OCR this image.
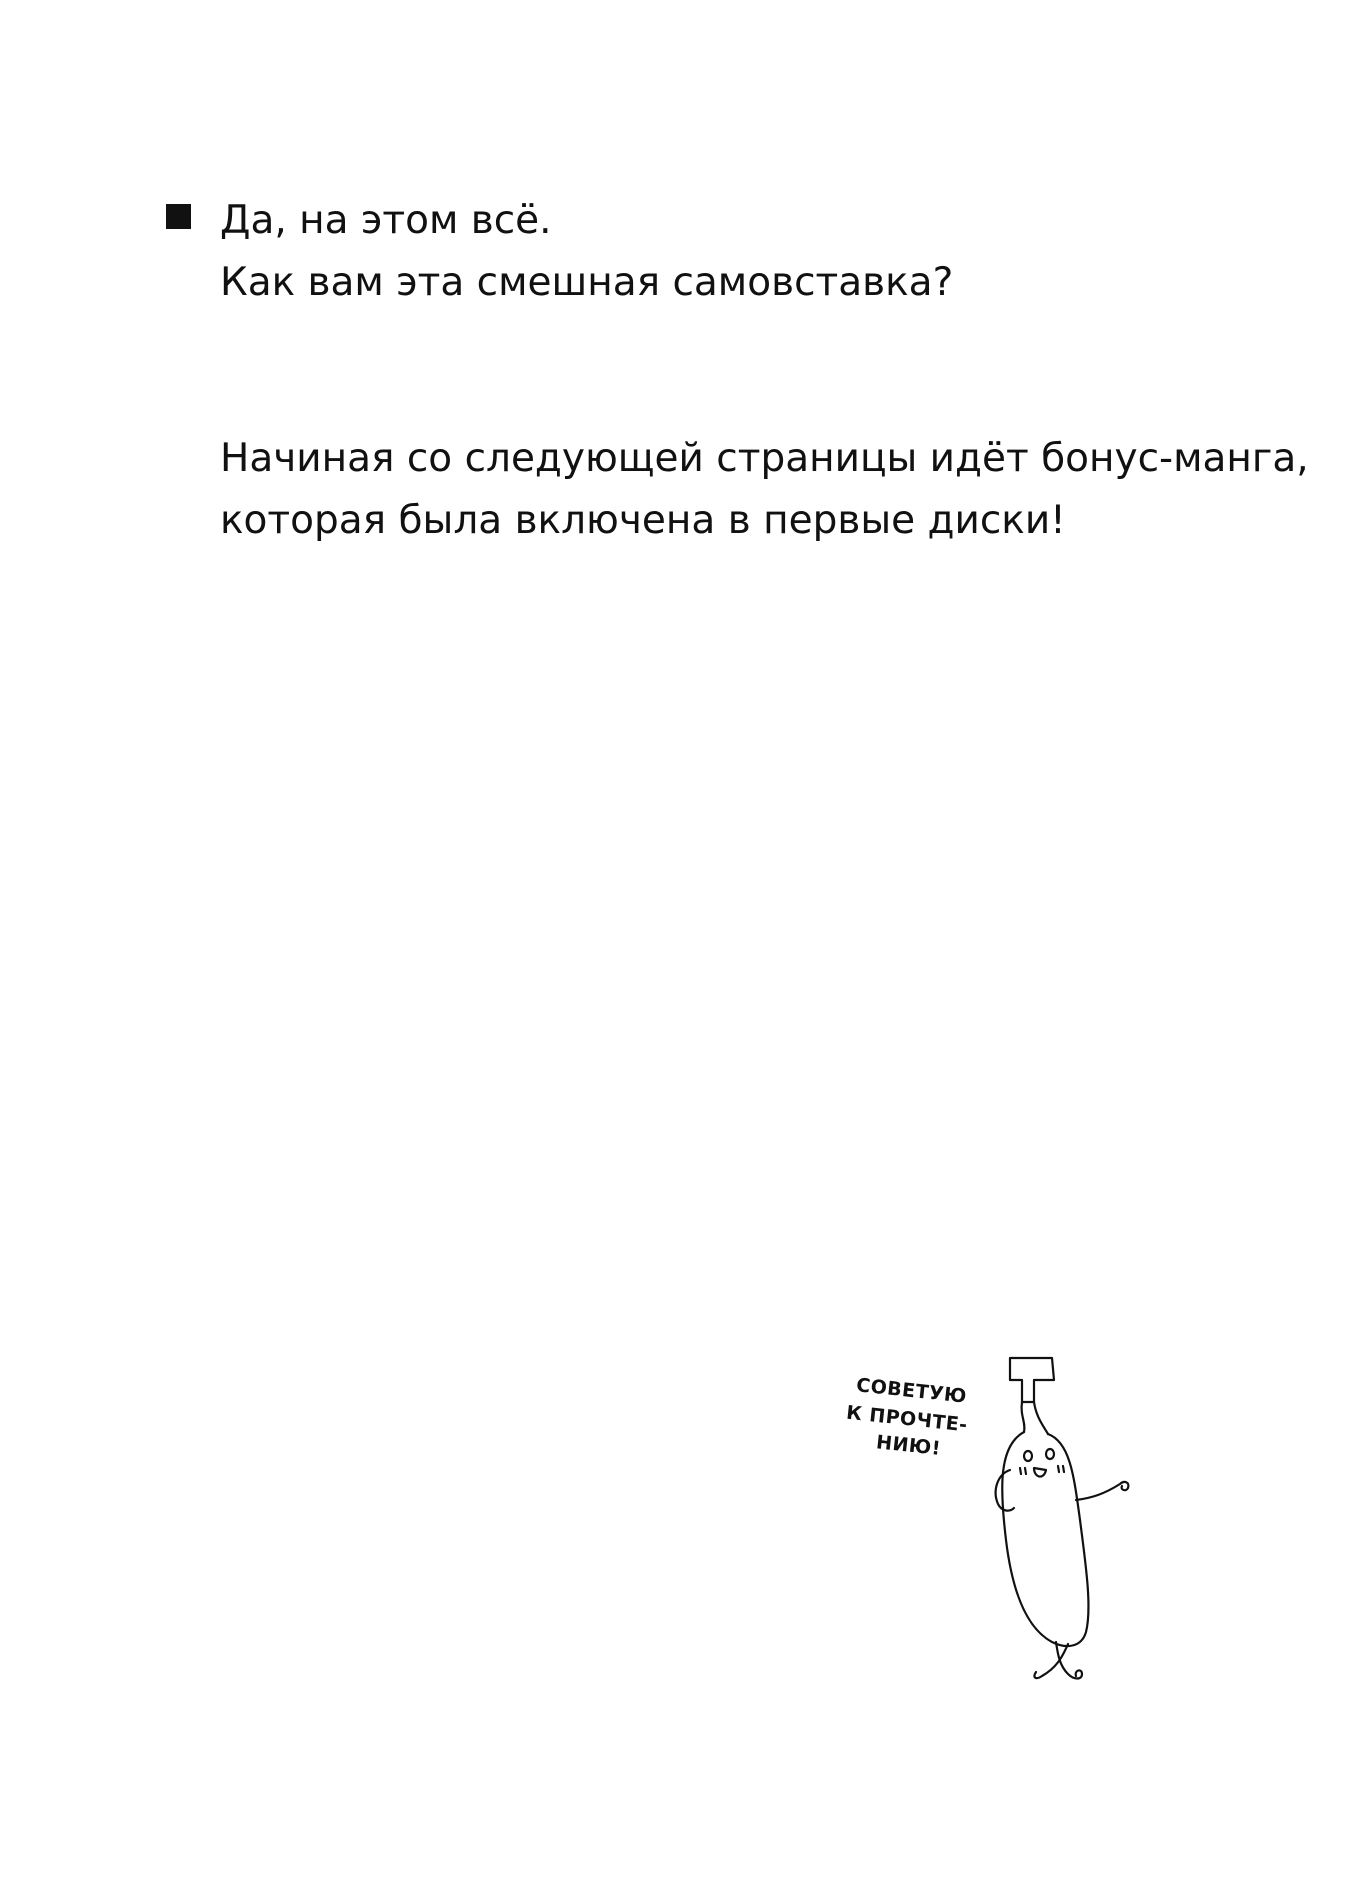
Да, на этом всё.
Как вам эта смешная самовставка?
Начиная со следующей страницы идёт бонус-манга,
которая была включена в первые диски!
СОВЕТУЮ
К ПРОЧТЕ-
НИЮ!
